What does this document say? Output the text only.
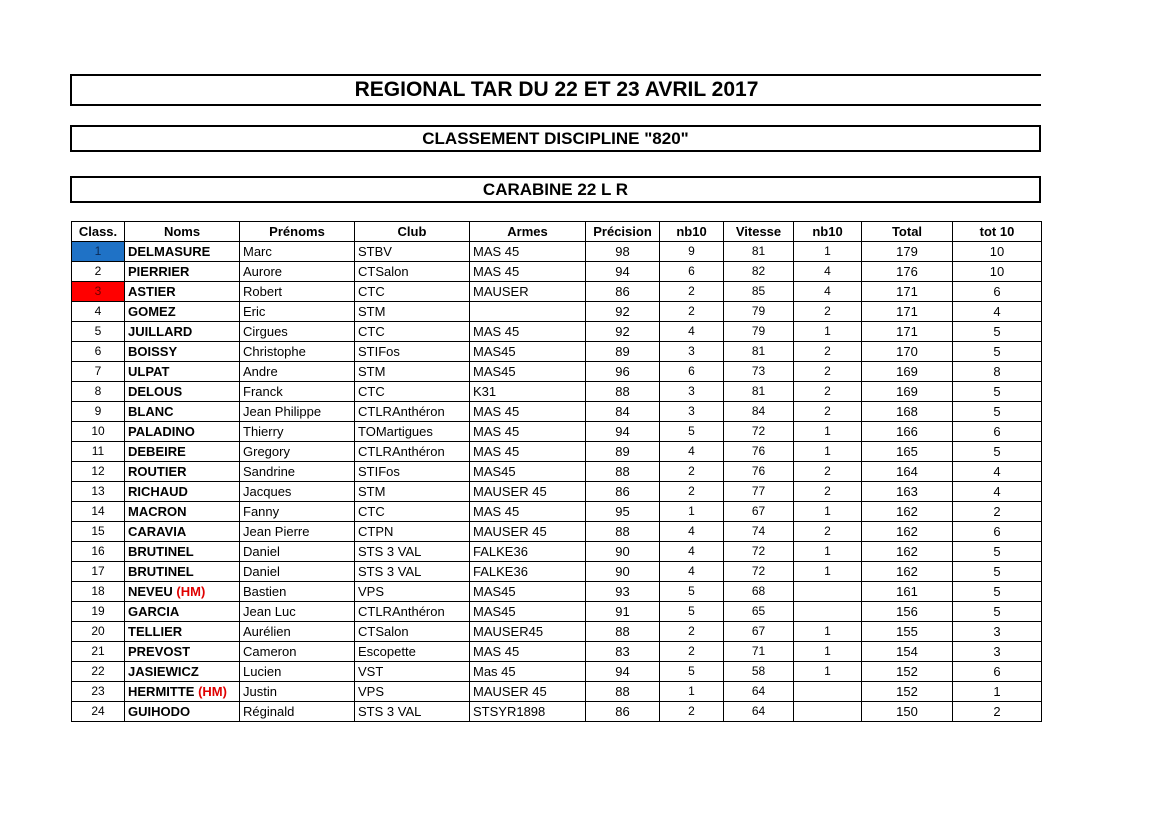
REGIONAL TAR DU 22 ET 23 AVRIL 2017
CLASSEMENT DISCIPLINE "820"
CARABINE 22 L R
Class.	Noms	Prénoms	Club	Armes	Précision	nb10	Vitesse	nb10	Total	tot 10
1	DELMASURE	Marc	STBV	MAS 45	98	9	81	1	179	10
2	PIERRIER	Aurore	CTSalon	MAS 45	94	6	82	4	176	10
3	ASTIER	Robert	CTC	MAUSER	86	2	85	4	171	6
4	GOMEZ	Eric	STM		92	2	79	2	171	4
5	JUILLARD	Cirgues	CTC	MAS 45	92	4	79	1	171	5
6	BOISSY	Christophe	STIFos	MAS45	89	3	81	2	170	5
7	ULPAT	Andre	STM	MAS45	96	6	73	2	169	8
8	DELOUS	Franck	CTC	K31	88	3	81	2	169	5
9	BLANC	Jean Philippe	CTLRAnthéron	MAS 45	84	3	84	2	168	5
10	PALADINO	Thierry	TOMartigues	MAS 45	94	5	72	1	166	6
11	DEBEIRE	Gregory	CTLRAnthéron	MAS 45	89	4	76	1	165	5
12	ROUTIER	Sandrine	STIFos	MAS45	88	2	76	2	164	4
13	RICHAUD	Jacques	STM	MAUSER 45	86	2	77	2	163	4
14	MACRON	Fanny	CTC	MAS 45	95	1	67	1	162	2
15	CARAVIA	Jean Pierre	CTPN	MAUSER 45	88	4	74	2	162	6
16	BRUTINEL	Daniel	STS 3 VAL	FALKE36	90	4	72	1	162	5
17	BRUTINEL	Daniel	STS 3 VAL	FALKE36	90	4	72	1	162	5
18	NEVEU (HM)	Bastien	VPS	MAS45	93	5	68		161	5
19	GARCIA	Jean Luc	CTLRAnthéron	MAS45	91	5	65		156	5
20	TELLIER	Aurélien	CTSalon	MAUSER45	88	2	67	1	155	3
21	PREVOST	Cameron	Escopette	MAS 45	83	2	71	1	154	3
22	JASIEWICZ	Lucien	VST	Mas 45	94	5	58	1	152	6
23	HERMITTE (HM)	Justin	VPS	MAUSER 45	88	1	64		152	1
24	GUIHODO	Réginald	STS 3 VAL	STSYR1898	86	2	64		150	2
